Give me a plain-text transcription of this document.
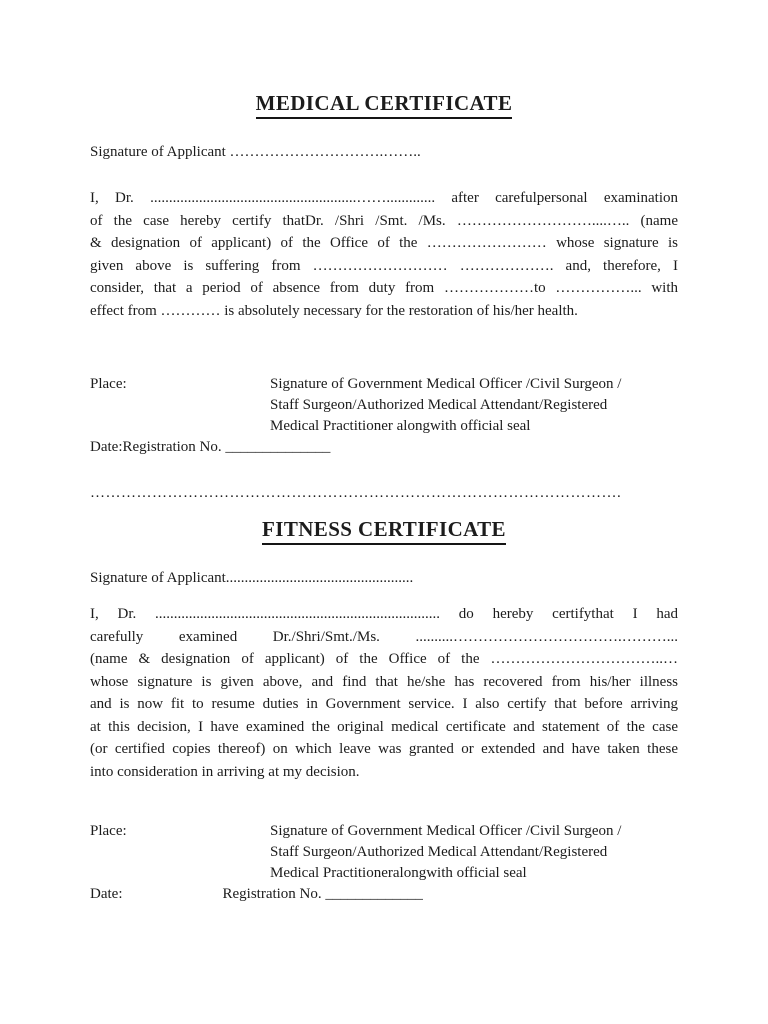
MEDICAL CERTIFICATE
Signature of Applicant ………………………….……..
I, Dr. .......................................................……............. after carefulpersonal examination
of the case hereby certify thatDr. /Shri /Smt. /Ms. ………………………....….. (name
& designation of applicant) of the Office of the …………………… whose signature is
given above is suffering from ……………………… ………………. and, therefore, I
consider, that a period of absence from duty from ………………to ……………... with
effect from ………… is absolutely necessary for the restoration of his/her health.
Place:	Signature of Government Medical Officer /Civil Surgeon /
Staff Surgeon/Authorized Medical Attendant/Registered
Medical Practitioner alongwith official seal
Date:Registration No. ______________
………………………………………………………………………………………….
FITNESS CERTIFICATE
Signature of Applicant..................................................
I, Dr. ............................................................................ do hereby certifythat I had
carefully examined Dr./Shri/Smt./Ms. ..........…………………………….………...
(name & designation of applicant) of the Office of the ……………………………..…
whose signature is given above, and find that he/she has recovered from his/her illness
and is now fit to resume duties in Government service. I also certify that before arriving
at this decision, I have examined the original medical certificate and statement of the case
(or certified copies thereof) on which leave was granted or extended and have taken these
into consideration in arriving at my decision.
Place:	Signature of Government Medical Officer /Civil Surgeon /
Staff Surgeon/Authorized Medical Attendant/Registered
Medical Practitioneralongwith official seal
Date:	Registration No. _____________
